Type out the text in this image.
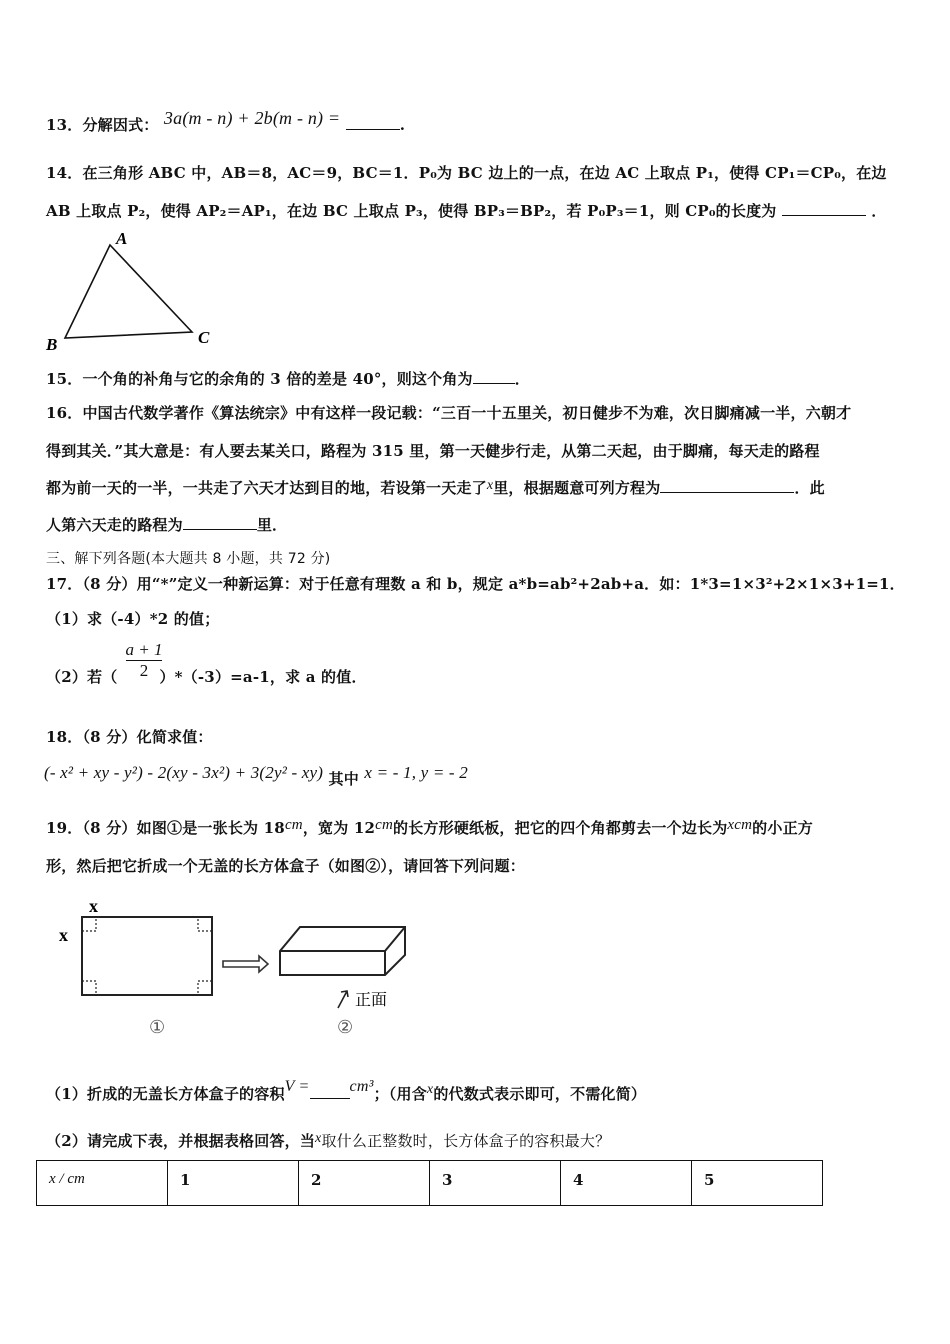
13．分解因式： 3a(m - n) + 2b(m - n) =	.
14．在三角形 ABC 中，AB＝8，AC＝9，BC＝1．P₀为 BC 边上的一点，在边 AC 上取点 P₁，使得 CP₁＝CP₀，在边
AB 上取点 P₂，使得 AP₂＝AP₁，在边 BC 上取点 P₃，使得 BP₃＝BP₂，若 P₀P₃＝1，则 CP₀的长度为	．
A
B	C
15．一个角的补角与它的余角的 3 倍的差是 40°，则这个角为	．
16．中国古代数学著作《算法统宗》中有这样一段记载：“三百一十五里关，初日健步不为难，次日脚痛减一半，六朝才
得到其关．”其大意是：有人要去某关口，路程为 315 里，第一天健步行走，从第二天起，由于脚痛，每天走的路程
都为前一天的一半，一共走了六天才达到目的地，若设第一天走了x里，根据题意可列方程为	．此
人第六天走的路程为	里．
三、解下列各题(本大题共 8 小题，共 72 分)
17．（8 分）用“*”定义一种新运算：对于任意有理数 a 和 b，规定 a*b=ab²+2ab+a．如：1*3=1×3²+2×1×3+1=1．
（1）求（-4）*2 的值；
（2）若（	）*（-3）=a-1，求 a 的值．
a + 1
2
18．（8 分）化简求值：
(- x² + xy - y²) - 2(xy - 3x²) + 3(2y² - xy) 其中 x = - 1, y = - 2
19．（8 分）如图①是一张长为 18cm，宽为 12cm的长方形硬纸板，把它的四个角都剪去一个边长为xcm的小正方
形，然后把它折成一个无盖的长方体盒子（如图②），请回答下列问题：
x
x
正面
①	②
（1）折成的无盖长方体盒子的容积V =	cm³；（用含x的代数式表示即可，不需化简）
（2）请完成下表，并根据表格回答，当x取什么正整数时，长方体盒子的容积最大？
x / cm	1	2	3	4	5
